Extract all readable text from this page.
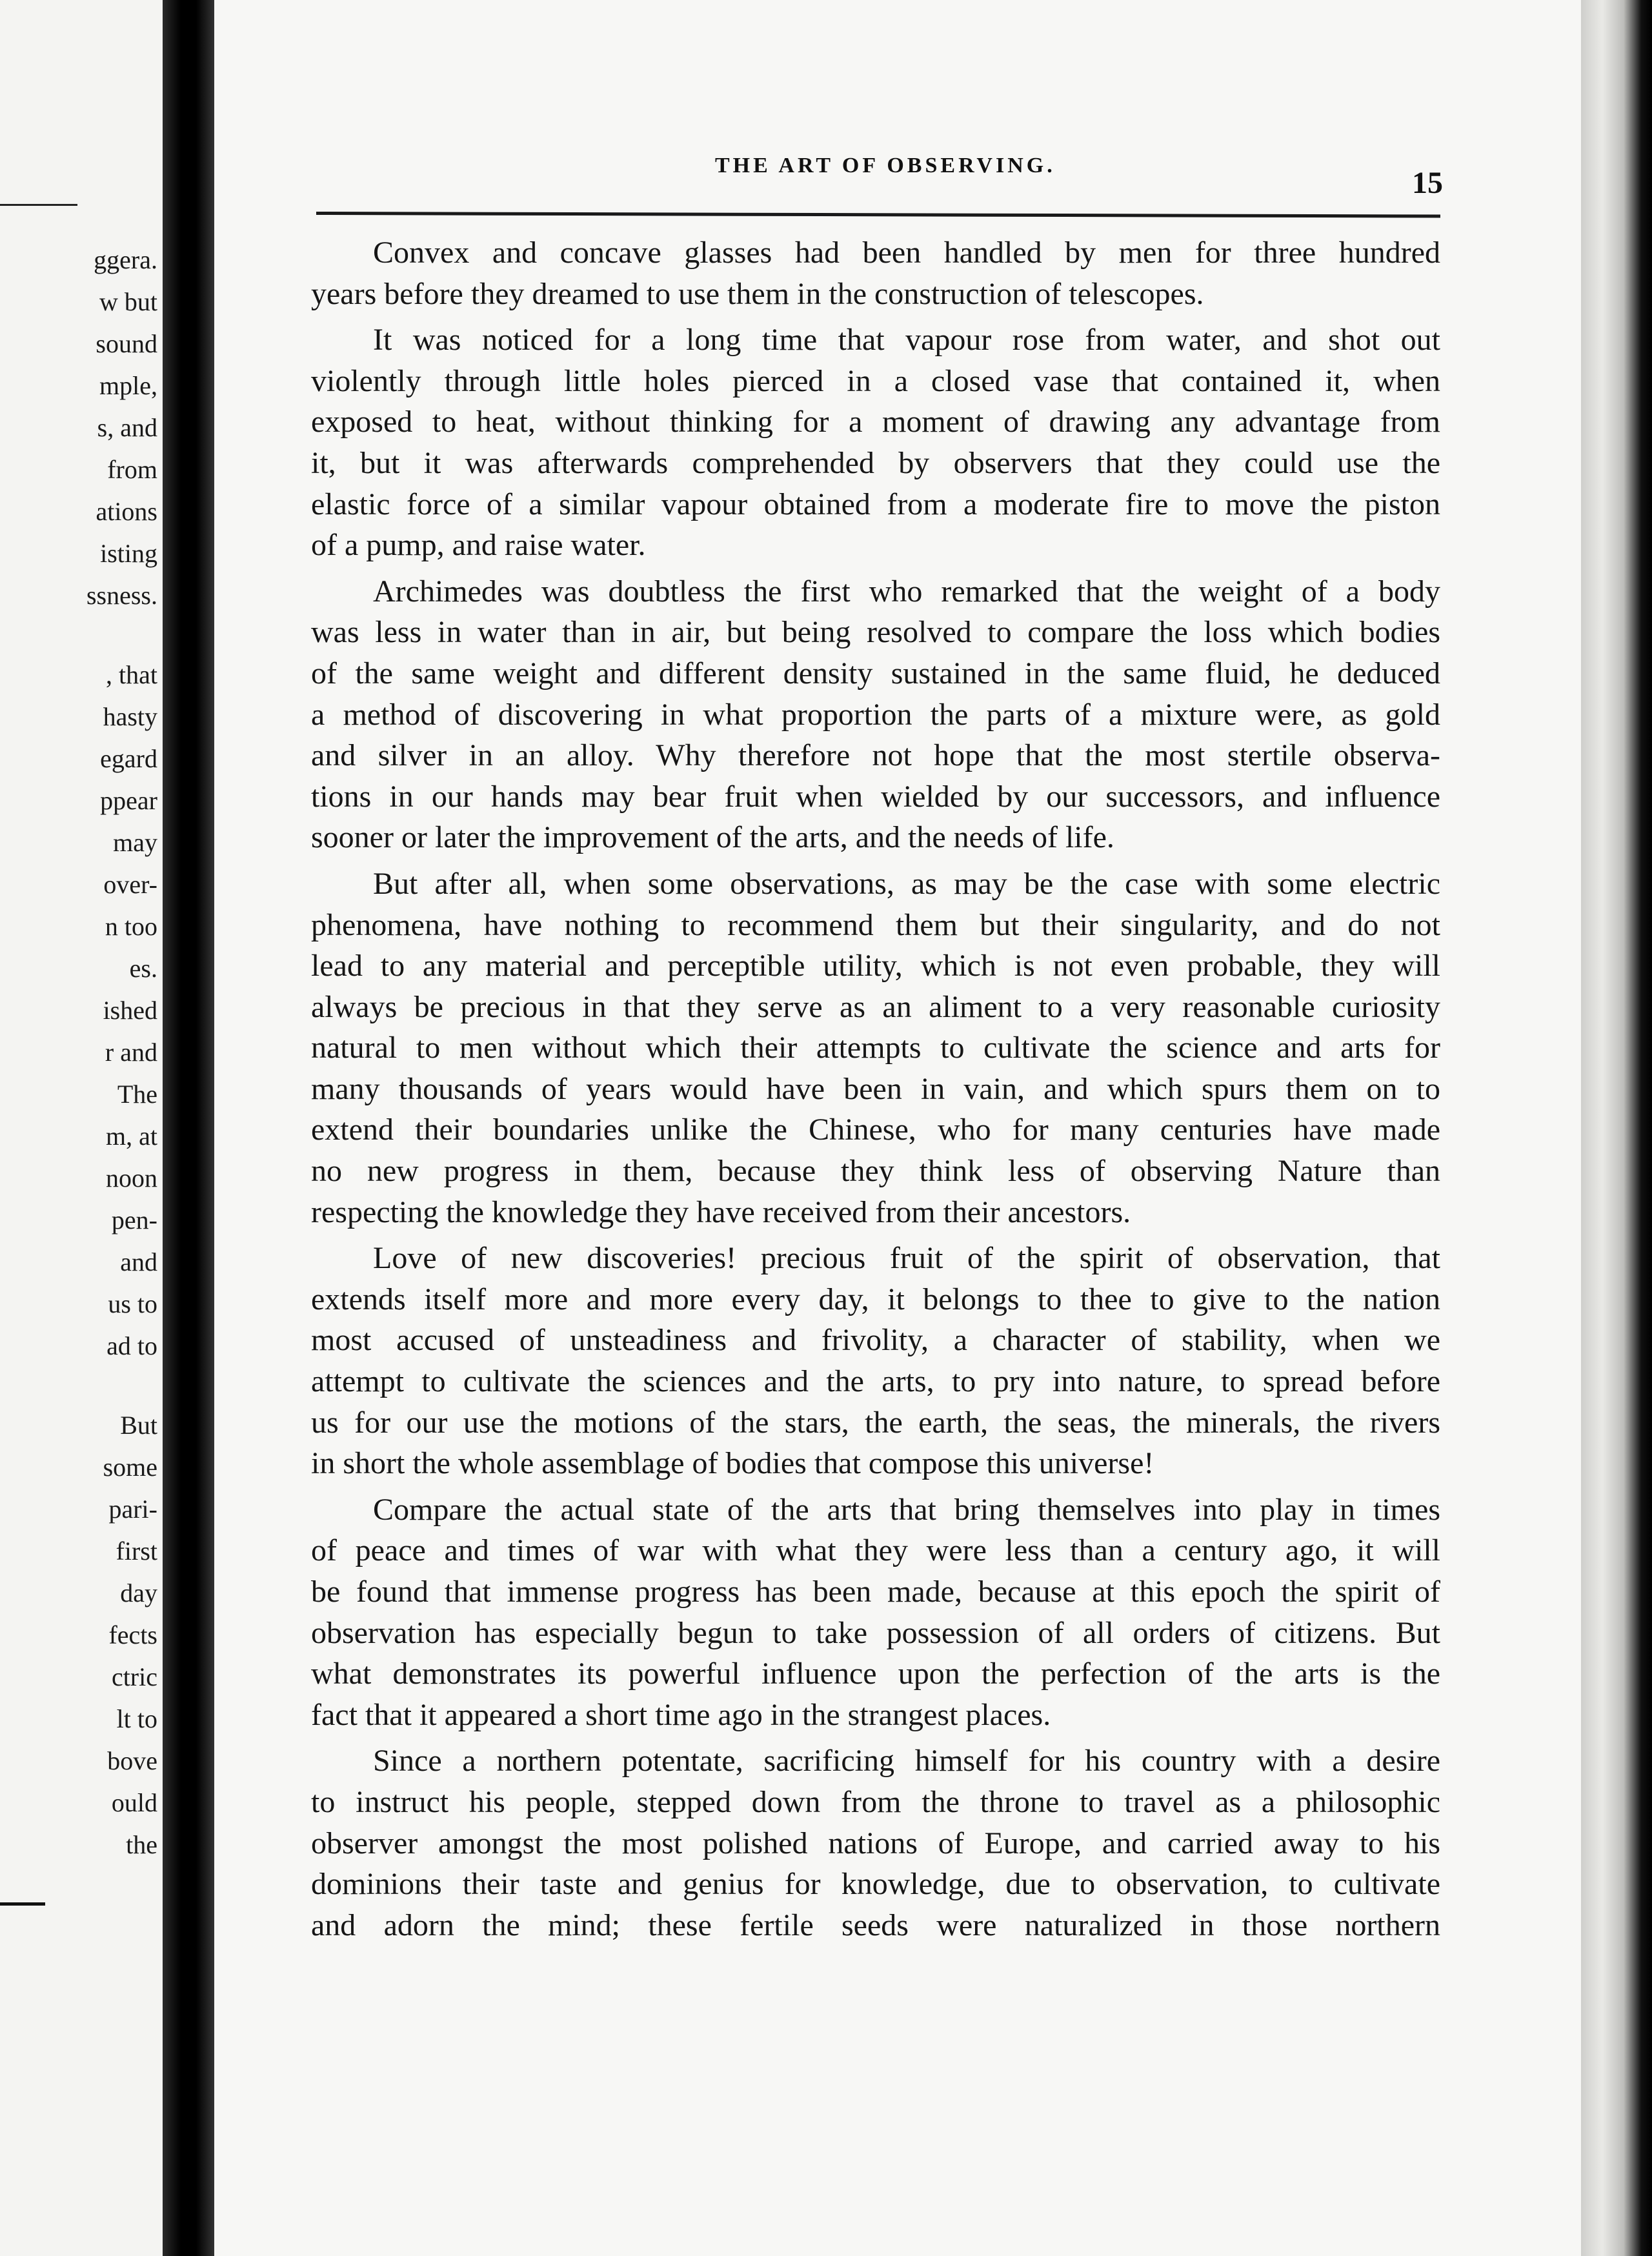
ggera.
w but
sound
mple,
s, and
from
ations
isting
ssness.
, that
hasty
egard
ppear
may
over-
n too
es.
ished
r and
The
m, at
noon
pen-
and
us to
ad to
But
some
pari-
first
day
fects
ctric
lt to
bove
ould
the
THE ART OF OBSERVING.
15

Convex and concave glasses had been handled by men for three hundred
years before they dreamed to use them in the construction of telescopes.

It was noticed for a long time that vapour rose from water, and shot out
violently through little holes pierced in a closed vase that contained it, when
exposed to heat, without thinking for a moment of drawing any advantage from
it, but it was afterwards comprehended by observers that they could use the
elastic force of a similar vapour obtained from a moderate fire to move the piston
of a pump, and raise water.

Archimedes was doubtless the first who remarked that the weight of a body
was less in water than in air, but being resolved to compare the loss which bodies
of the same weight and different density sustained in the same fluid, he deduced
a method of discovering in what proportion the parts of a mixture were, as gold
and silver in an alloy. Why therefore not hope that the most stertile observa-
tions in our hands may bear fruit when wielded by our successors, and influence
sooner or later the improvement of the arts, and the needs of life.

But after all, when some observations, as may be the case with some electric
phenomena, have nothing to recommend them but their singularity, and do not
lead to any material and perceptible utility, which is not even probable, they will
always be precious in that they serve as an aliment to a very reasonable curiosity
natural to men without which their attempts to cultivate the science and arts for
many thousands of years would have been in vain, and which spurs them on to
extend their boundaries unlike the Chinese, who for many centuries have made
no new progress in them, because they think less of observing Nature than
respecting the knowledge they have received from their ancestors.

Love of new discoveries! precious fruit of the spirit of observation, that
extends itself more and more every day, it belongs to thee to give to the nation
most accused of unsteadiness and frivolity, a character of stability, when we
attempt to cultivate the sciences and the arts, to pry into nature, to spread before
us for our use the motions of the stars, the earth, the seas, the minerals, the rivers
in short the whole assemblage of bodies that compose this universe!

Compare the actual state of the arts that bring themselves into play in times
of peace and times of war with what they were less than a century ago, it will
be found that immense progress has been made, because at this epoch the spirit of
observation has especially begun to take possession of all orders of citizens. But
what demonstrates its powerful influence upon the perfection of the arts is the
fact that it appeared a short time ago in the strangest places.

Since a northern potentate, sacrificing himself for his country with a desire
to instruct his people, stepped down from the throne to travel as a philosophic
observer amongst the most polished nations of Europe, and carried away to his
dominions their taste and genius for knowledge, due to observation, to cultivate
and adorn the mind; these fertile seeds were naturalized in those northern
